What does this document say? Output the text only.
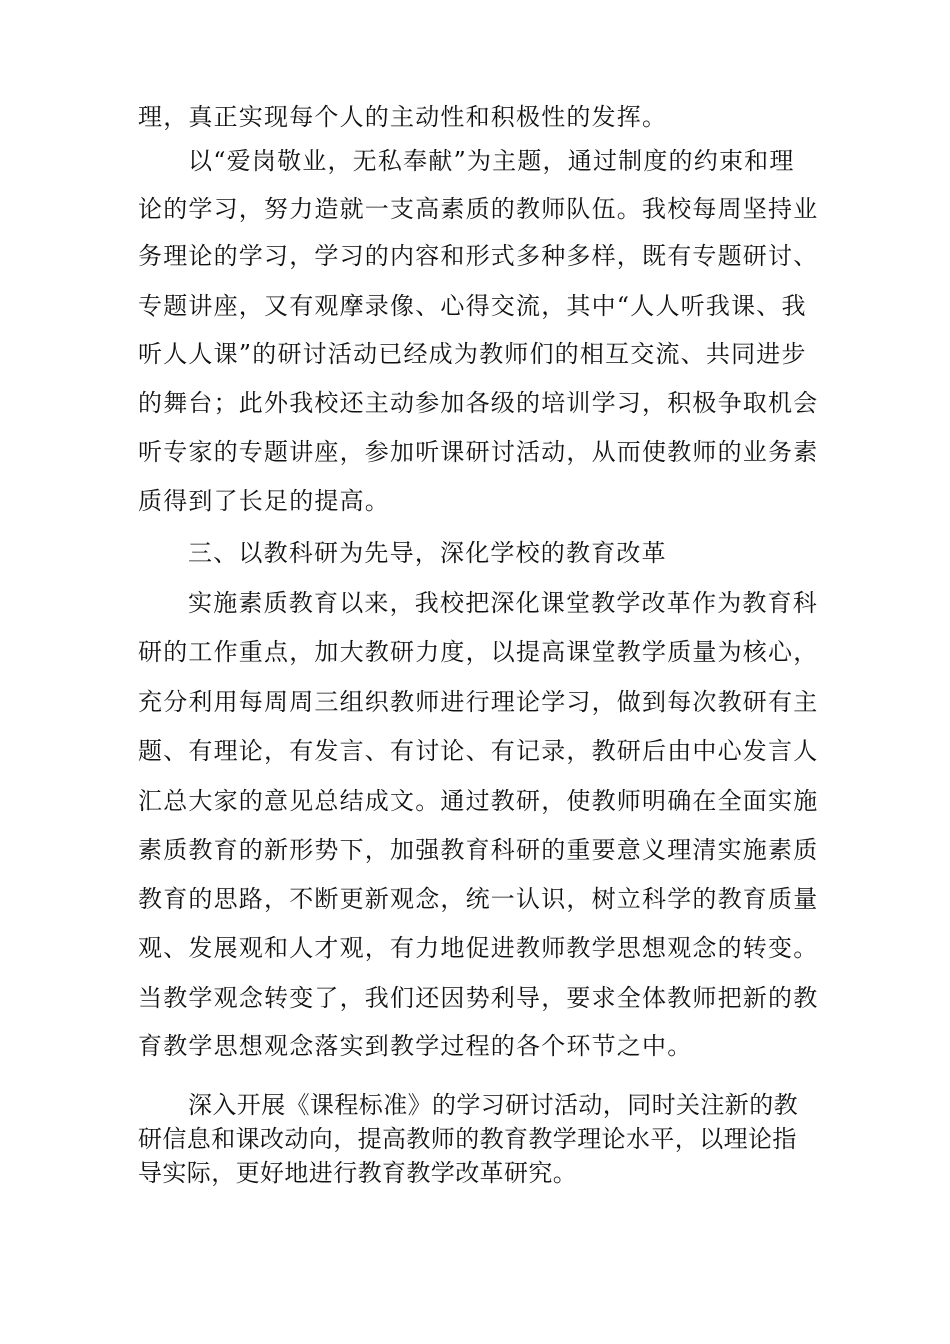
理，真正实现每个人的主动性和积极性的发挥。
以“爱岗敬业，无私奉献”为主题，通过制度的约束和理
论的学习，努力造就一支高素质的教师队伍。我校每周坚持业
务理论的学习，学习的内容和形式多种多样，既有专题研讨、
专题讲座，又有观摩录像、心得交流，其中“人人听我课、我
听人人课”的研讨活动已经成为教师们的相互交流、共同进步
的舞台；此外我校还主动参加各级的培训学习，积极争取机会
听专家的专题讲座，参加听课研讨活动，从而使教师的业务素
质得到了长足的提高。
三、以教科研为先导，深化学校的教育改革
实施素质教育以来，我校把深化课堂教学改革作为教育科
研的工作重点，加大教研力度，以提高课堂教学质量为核心，
充分利用每周周三组织教师进行理论学习，做到每次教研有主
题、有理论，有发言、有讨论、有记录，教研后由中心发言人
汇总大家的意见总结成文。通过教研，使教师明确在全面实施
素质教育的新形势下，加强教育科研的重要意义理清实施素质
教育的思路，不断更新观念，统一认识，树立科学的教育质量
观、发展观和人才观，有力地促进教师教学思想观念的转变。
当教学观念转变了，我们还因势利导，要求全体教师把新的教
育教学思想观念落实到教学过程的各个环节之中。
深入开展《课程标准》的学习研讨活动，同时关注新的教
研信息和课改动向，提高教师的教育教学理论水平，以理论指
导实际，更好地进行教育教学改革研究。
